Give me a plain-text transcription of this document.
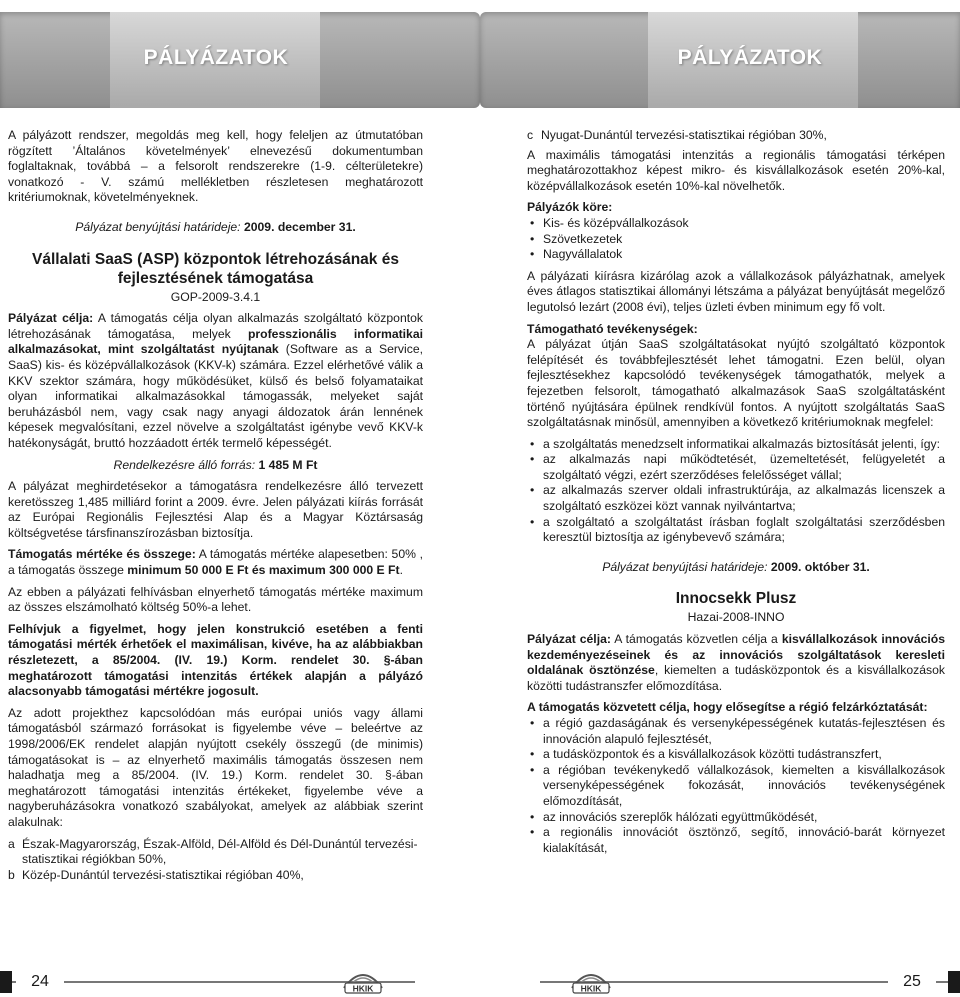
PÁLYÁZATOK

A pályázott rendszer, megoldás meg kell, hogy feleljen az útmutatóban rögzített ’Általános követelmények’ elnevezésű dokumentumban foglaltaknak, továbbá – a felsorolt rendszerekre (1-9. célterületekre) vonatkozó - V. számú mellékletben részletesen meghatározott kritériumoknak, követelményeknek.

Pályázat benyújtási határideje: 2009. december 31.

Vállalati SaaS (ASP) központok létrehozásának és fejlesztésének támogatása
GOP-2009-3.4.1

Pályázat célja: A támogatás célja olyan alkalmazás szolgáltató központok létrehozásának támogatása, melyek professzionális informatikai alkalmazásokat, mint szolgáltatást nyújtanak (Software as a Service, SaaS) kis- és középvállalkozások (KKV-k) számára. Ezzel elérhetővé válik a KKV szektor számára, hogy működésüket, külső és belső folyamataikat olyan informatikai alkalmazásokkal támogassák, melyeket saját beruházásból nem, vagy csak nagy anyagi áldozatok árán lennének képesek megvalósítani, ezzel növelve a szolgáltatást igénybe vevő KKV-k hatékonyságát, bruttó hozzáadott érték termelő képességét.

Rendelkezésre álló forrás: 1 485 M Ft

A pályázat meghirdetésekor a támogatásra rendelkezésre álló tervezett keretösszeg 1,485 milliárd forint a 2009. évre. Jelen pályázati kiírás forrását az Európai Regionális Fejlesztési Alap és a Magyar Köztársaság költségvetése társfinanszírozásban biztosítja.

Támogatás mértéke és összege: A támogatás mértéke alapesetben: 50% , a támogatás összege minimum 50 000 E Ft és maximum 300 000 E Ft.

Az ebben a pályázati felhívásban elnyerhető támogatás mértéke maximum az összes elszámolható költség 50%-a lehet.

Felhívjuk a figyelmet, hogy jelen konstrukció esetében a fenti támogatási mérték érhetőek el maximálisan, kivéve, ha az alábbiakban részletezett, a 85/2004. (IV. 19.) Korm. rendelet 30. §-ában meghatározott támogatási intenzitás értékek alapján a pályázó alacsonyabb támogatási mértékre jogosult.

Az adott projekthez kapcsolódóan más európai uniós vagy állami támogatásból származó forrásokat is figyelembe véve – beleértve az 1998/2006/EK rendelet alapján nyújtott csekély összegű (de minimis) támogatásokat is – az elnyerhető maximális támogatás összesen nem haladhatja meg a 85/2004. (IV. 19.) Korm. rendelet 30. §-ában meghatározott támogatási intenzitás értékeket, figyelembe véve a nagyberuházásokra vonatkozó szabályokat, amelyek az alábbiak szerint alakulnak:

a Észak-Magyarország, Észak-Alföld, Dél-Alföld és Dél-Dunántúl tervezési-statisztikai régiókban 50%,
b Közép-Dunántúl tervezési-statisztikai régióban 40%,
24	HKIK
PÁLYÁZATOK
c Nyugat-Dunántúl tervezési-statisztikai régióban 30%,

A maximális támogatási intenzitás a regionális támogatási térképen meghatározottakhoz képest mikro- és kisvállalkozások esetén 20%-kal, középvállalkozások esetén 10%-kal növelhetők.

Pályázók köre:
• Kis- és középvállalkozások
• Szövetkezetek
• Nagyvállalatok

A pályázati kiírásra kizárólag azok a vállalkozások pályázhatnak, amelyek éves átlagos statisztikai állományi létszáma a pályázat benyújtását megelőző legutolsó lezárt (2008 évi), teljes üzleti évben minimum egy fő volt.

Támogatható tevékenységek:

A pályázat útján SaaS szolgáltatásokat nyújtó szolgáltató központok felépítését és továbbfejlesztését lehet támogatni. Ezen belül, olyan fejlesztésekhez kapcsolódó tevékenységek támogathatók, melyek a fejezetben felsorolt, támogatható alkalmazások SaaS szolgáltatásként történő nyújtására épülnek rendkívül fontos. A nyújtott szolgáltatás SaaS szolgáltatásnak minősül, amennyiben a következő kritériumoknak megfelel:

• a szolgáltatás menedzselt informatikai alkalmazás biztosítását jelenti, így:
• az alkalmazás napi működtetését, üzemeltetését, felügyeletét a szolgáltató végzi, ezért szerződéses felelősséget vállal;
• az alkalmazás szerver oldali infrastruktúrája, az alkalmazás licenszek a szolgáltató eszközei közt vannak nyilvántartva;
• a szolgáltató a szolgáltatást írásban foglalt szolgáltatási szerződésben keresztül biztosítja az igénybevevő számára;

Pályázat benyújtási határideje: 2009. október 31.

Innocsekk Plusz
Hazai-2008-INNO

Pályázat célja: A támogatás közvetlen célja a kisvállalkozások innovációs kezdeményezéseinek és az innovációs szolgáltatások keresleti oldalának ösztönzése, kiemelten a tudásközpontok és a kisvállalkozások közötti tudástranszfer előmozdítása.

A támogatás közvetett célja, hogy elősegítse a régió felzárkóztatását:
• a régió gazdaságának és versenyképességének kutatás-fejlesztésen és innováción alapuló fejlesztését,
• a tudásközpontok és a kisvállalkozások közötti tudástranszfert,
• a régióban tevékenykedő vállalkozások, kiemelten a kisvállalkozások versenyképességének fokozását, innovációs tevékenységének előmozdítását,
• az innovációs szereplők hálózati együttműködését,
• a regionális innovációt ösztönző, segítő, innováció-barát környezet kialakítását,
HKIK	25
